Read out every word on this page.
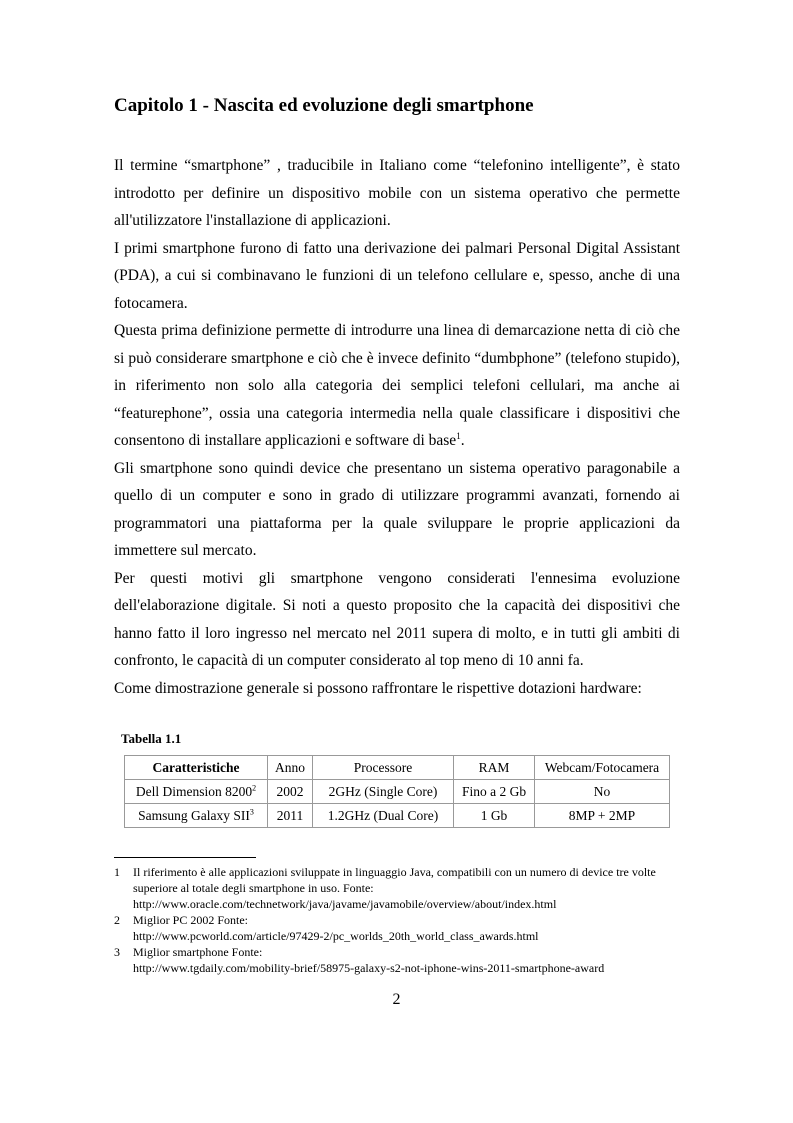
Capitolo 1 - Nascita ed evoluzione degli smartphone

Il termine “smartphone” , traducibile in Italiano come “telefonino intelligente”, è stato introdotto per definire un dispositivo mobile con un sistema operativo che permette all'utilizzatore l'installazione di applicazioni.

I primi smartphone furono di fatto una derivazione dei palmari Personal Digital Assistant (PDA), a cui si combinavano le funzioni di un telefono cellulare e, spesso, anche di una fotocamera.

Questa prima definizione permette di introdurre una linea di demarcazione netta di ciò che si può considerare smartphone e ciò che è invece definito “dumbphone” (telefono stupido), in riferimento non solo alla categoria dei semplici telefoni cellulari, ma anche ai “featurephone”, ossia una categoria intermedia nella quale classificare i dispositivi che consentono di installare applicazioni e software di base$^1$.

Gli smartphone sono quindi device che presentano un sistema operativo paragonabile a quello di un computer e sono in grado di utilizzare programmi avanzati, fornendo ai programmatori una piattaforma per la quale sviluppare le proprie applicazioni da immettere sul mercato.

Per questi motivi gli smartphone vengono considerati l'ennesima evoluzione dell'elaborazione digitale. Si noti a questo proposito che la capacità dei dispositivi che hanno fatto il loro ingresso nel mercato nel 2011 supera di molto, e in tutti gli ambiti di confronto, le capacità di un computer considerato al top meno di 10 anni fa.

Come dimostrazione generale si possono raffrontare le rispettive dotazioni hardware:

Tabella 1.1
Caratteristiche	Anno	Processore	RAM	Webcam/Fotocamera
Dell Dimension 8200$^2$	2002	2GHz (Single Core)	Fino a 2 Gb	No
Samsung Galaxy SII$^3$	2011	1.2GHz (Dual Core)	1 Gb	8MP + 2MP
1	Il riferimento è alle applicazioni sviluppate in linguaggio Java, compatibili con un numero di device tre volte superiore al totale degli smartphone in uso. Fonte:
http://www.oracle.com/technetwork/java/javame/javamobile/overview/about/index.html
2	Miglior PC 2002 Fonte:
http://www.pcworld.com/article/97429-2/pc_worlds_20th_world_class_awards.html
3	Miglior smartphone Fonte:
http://www.tgdaily.com/mobility-brief/58975-galaxy-s2-not-iphone-wins-2011-smartphone-award
2
